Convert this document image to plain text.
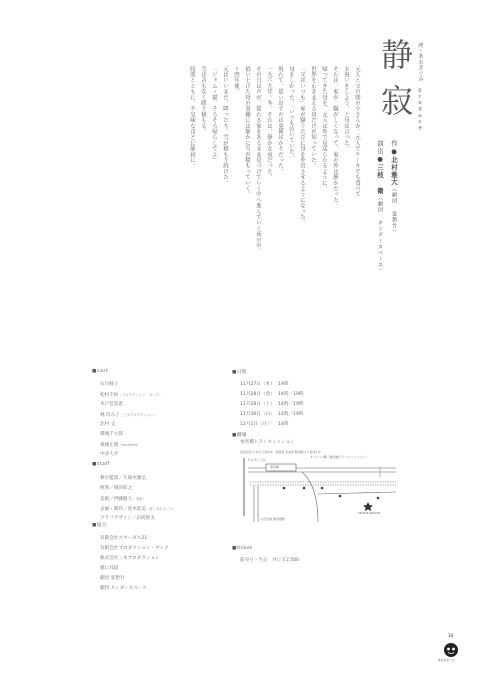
静寂 座・あおきぐみ　produce
作●北村雅大（劇団 宴想竹）
演出●三枝 衛（劇団 キンダースペース）
元人と父の間の小さんか。元人でケーキでも食べて
お祝いをしよう、と母は言った。
それは、家が、騒がしくなって、家の外は静かだった。
帰ってきた母を、元人は外で見送られるように、
世界をわきまえる母だけが知っていた。
「父はいつも」家が騒ぐたびに母を外出させるようになった。
母をしかった。「いつも泣いていた。
現れて、思い出すのは発揮ばかりだった。
一九六九年。冬。それは、静かな夜だった。
その日は声が、揺れる家をあるまま見つけていく中へ進んでいく夜の中。
拾い上げた母の書棚には静かに雪が積もっていく。
十四年後。
元はいいまだ、降ったり、雪が積もり続けた。
「ジャム・猫。そろそろ帰らしてよ」
雪は音もなく降り積もる。
時間とともに、不気味なほどに静寂に。
■cast
石川綾子
松村千絵（プロダクション・タンク）
木戸佳奈恵
林 玲み子（三木プロダクション）
北村 丈
積端千大郎
義雄正瑞（no-event）
中谷大介
■staff
舞台監督／久保木雅弘
照明／岡田彰之
美術／伊藤健大（美術）
企画・制作／青木浩美（座・あおきぐみ）
グラフデザイン／岩坂智太
■協力
有限会社スターダス21
有限会社プロダクション・タンク
株式会社三木プロダクション
猫に耳取
劇団 宴想竹
劇団 キンダースペース
■日程
11月27日（木） 19時
11月28日（金） 14時／19時
11月29日（土） 14時／19時
11月30日（日） 14時／19時
12月1日（月） 14時
■劇場
参宮橋トランスミッション
渋谷区代々木4丁目50-5　新宿区 渋谷町新宿駅より徒歩1分
代々木三丁目
サンビン7階（参宮橋トランスミッション）
小田急線 参宮橋駅
参宮橋
TRANCE MISSION
■ticket
前売り・当日　共に￥2,500
34
座あおきぐみ
